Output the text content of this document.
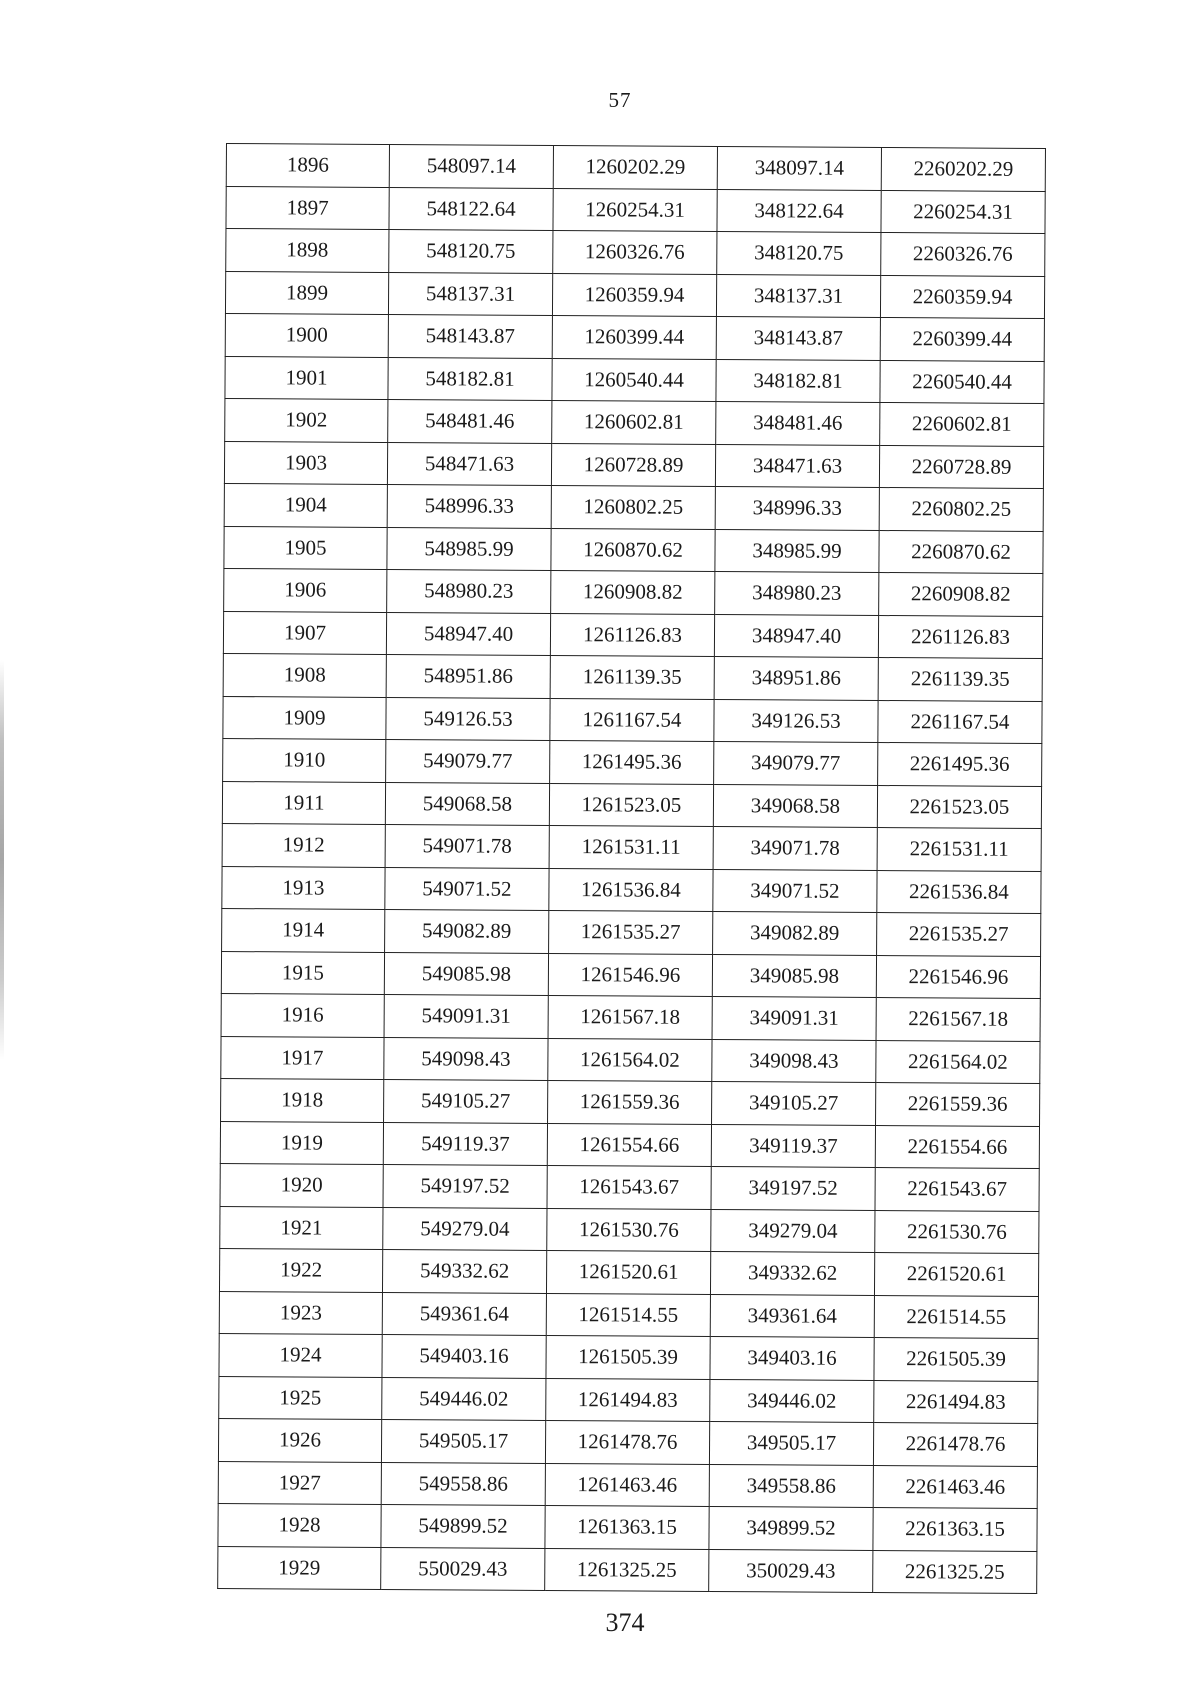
57
1896	548097.14	1260202.29	348097.14	2260202.29
1897	548122.64	1260254.31	348122.64	2260254.31
1898	548120.75	1260326.76	348120.75	2260326.76
1899	548137.31	1260359.94	348137.31	2260359.94
1900	548143.87	1260399.44	348143.87	2260399.44
1901	548182.81	1260540.44	348182.81	2260540.44
1902	548481.46	1260602.81	348481.46	2260602.81
1903	548471.63	1260728.89	348471.63	2260728.89
1904	548996.33	1260802.25	348996.33	2260802.25
1905	548985.99	1260870.62	348985.99	2260870.62
1906	548980.23	1260908.82	348980.23	2260908.82
1907	548947.40	1261126.83	348947.40	2261126.83
1908	548951.86	1261139.35	348951.86	2261139.35
1909	549126.53	1261167.54	349126.53	2261167.54
1910	549079.77	1261495.36	349079.77	2261495.36
1911	549068.58	1261523.05	349068.58	2261523.05
1912	549071.78	1261531.11	349071.78	2261531.11
1913	549071.52	1261536.84	349071.52	2261536.84
1914	549082.89	1261535.27	349082.89	2261535.27
1915	549085.98	1261546.96	349085.98	2261546.96
1916	549091.31	1261567.18	349091.31	2261567.18
1917	549098.43	1261564.02	349098.43	2261564.02
1918	549105.27	1261559.36	349105.27	2261559.36
1919	549119.37	1261554.66	349119.37	2261554.66
1920	549197.52	1261543.67	349197.52	2261543.67
1921	549279.04	1261530.76	349279.04	2261530.76
1922	549332.62	1261520.61	349332.62	2261520.61
1923	549361.64	1261514.55	349361.64	2261514.55
1924	549403.16	1261505.39	349403.16	2261505.39
1925	549446.02	1261494.83	349446.02	2261494.83
1926	549505.17	1261478.76	349505.17	2261478.76
1927	549558.86	1261463.46	349558.86	2261463.46
1928	549899.52	1261363.15	349899.52	2261363.15
1929	550029.43	1261325.25	350029.43	2261325.25
374
